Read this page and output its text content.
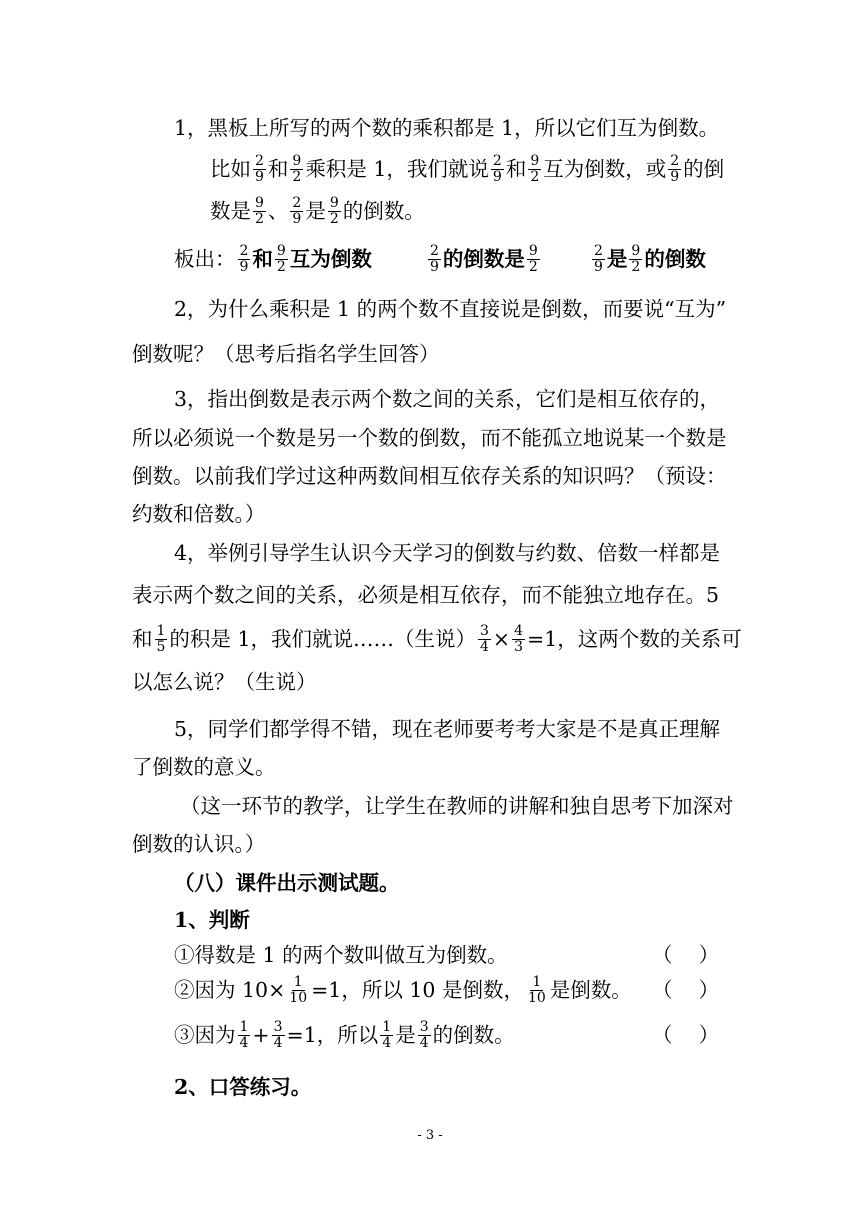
1，黑板上所写的两个数的乘积都是 1，所以它们互为倒数。
比如 $\frac{2}{9}$ 和 $\frac{9}{2}$ 乘积是 1，我们就说 $\frac{2}{9}$ 和 $\frac{9}{2}$ 互为倒数，或 $\frac{2}{9}$ 的倒
数是 $\frac{9}{2}$ 、 $\frac{2}{9}$ 是 $\frac{9}{2}$ 的倒数。
板出： $\frac{2}{9}$ 和 $\frac{9}{2}$ 互为倒数	$\frac{2}{9}$ 的倒数是 $\frac{9}{2}$	$\frac{2}{9}$ 是 $\frac{9}{2}$ 的倒数
2，为什么乘积是 1 的两个数不直接说是倒数，而要说“互为”
倒数呢？（思考后指名学生回答）
3，指出倒数是表示两个数之间的关系，它们是相互依存的，
所以必须说一个数是另一个数的倒数，而不能孤立地说某一个数是
倒数。以前我们学过这种两数间相互依存关系的知识吗？（预设：
约数和倍数。）
4，举例引导学生认识今天学习的倒数与约数、倍数一样都是
表示两个数之间的关系，必须是相互依存，而不能独立地存在。5
和 $\frac{1}{5}$ 的积是 1，我们就说……（生说） $\frac{3}{4} \times \frac{4}{3} =1$，这两个数的关系可
以怎么说？（生说）
5，同学们都学得不错，现在老师要考考大家是不是真正理解
了倒数的意义。
（这一环节的教学，让学生在教师的讲解和独自思考下加深对
倒数的认识。）
（八）课件出示测试题。
1、判断
①得数是 1 的两个数叫做互为倒数。	（    ）
②因为 $10\times \frac{1}{10} =1$，所以 10 是倒数， $\frac{1}{10}$ 是倒数。 （    ）
③因为 $\frac{1}{4} + \frac{3}{4} =1$，所以 $\frac{1}{4}$ 是 $\frac{3}{4}$ 的倒数。	（    ）
2、口答练习。
- 3 -
